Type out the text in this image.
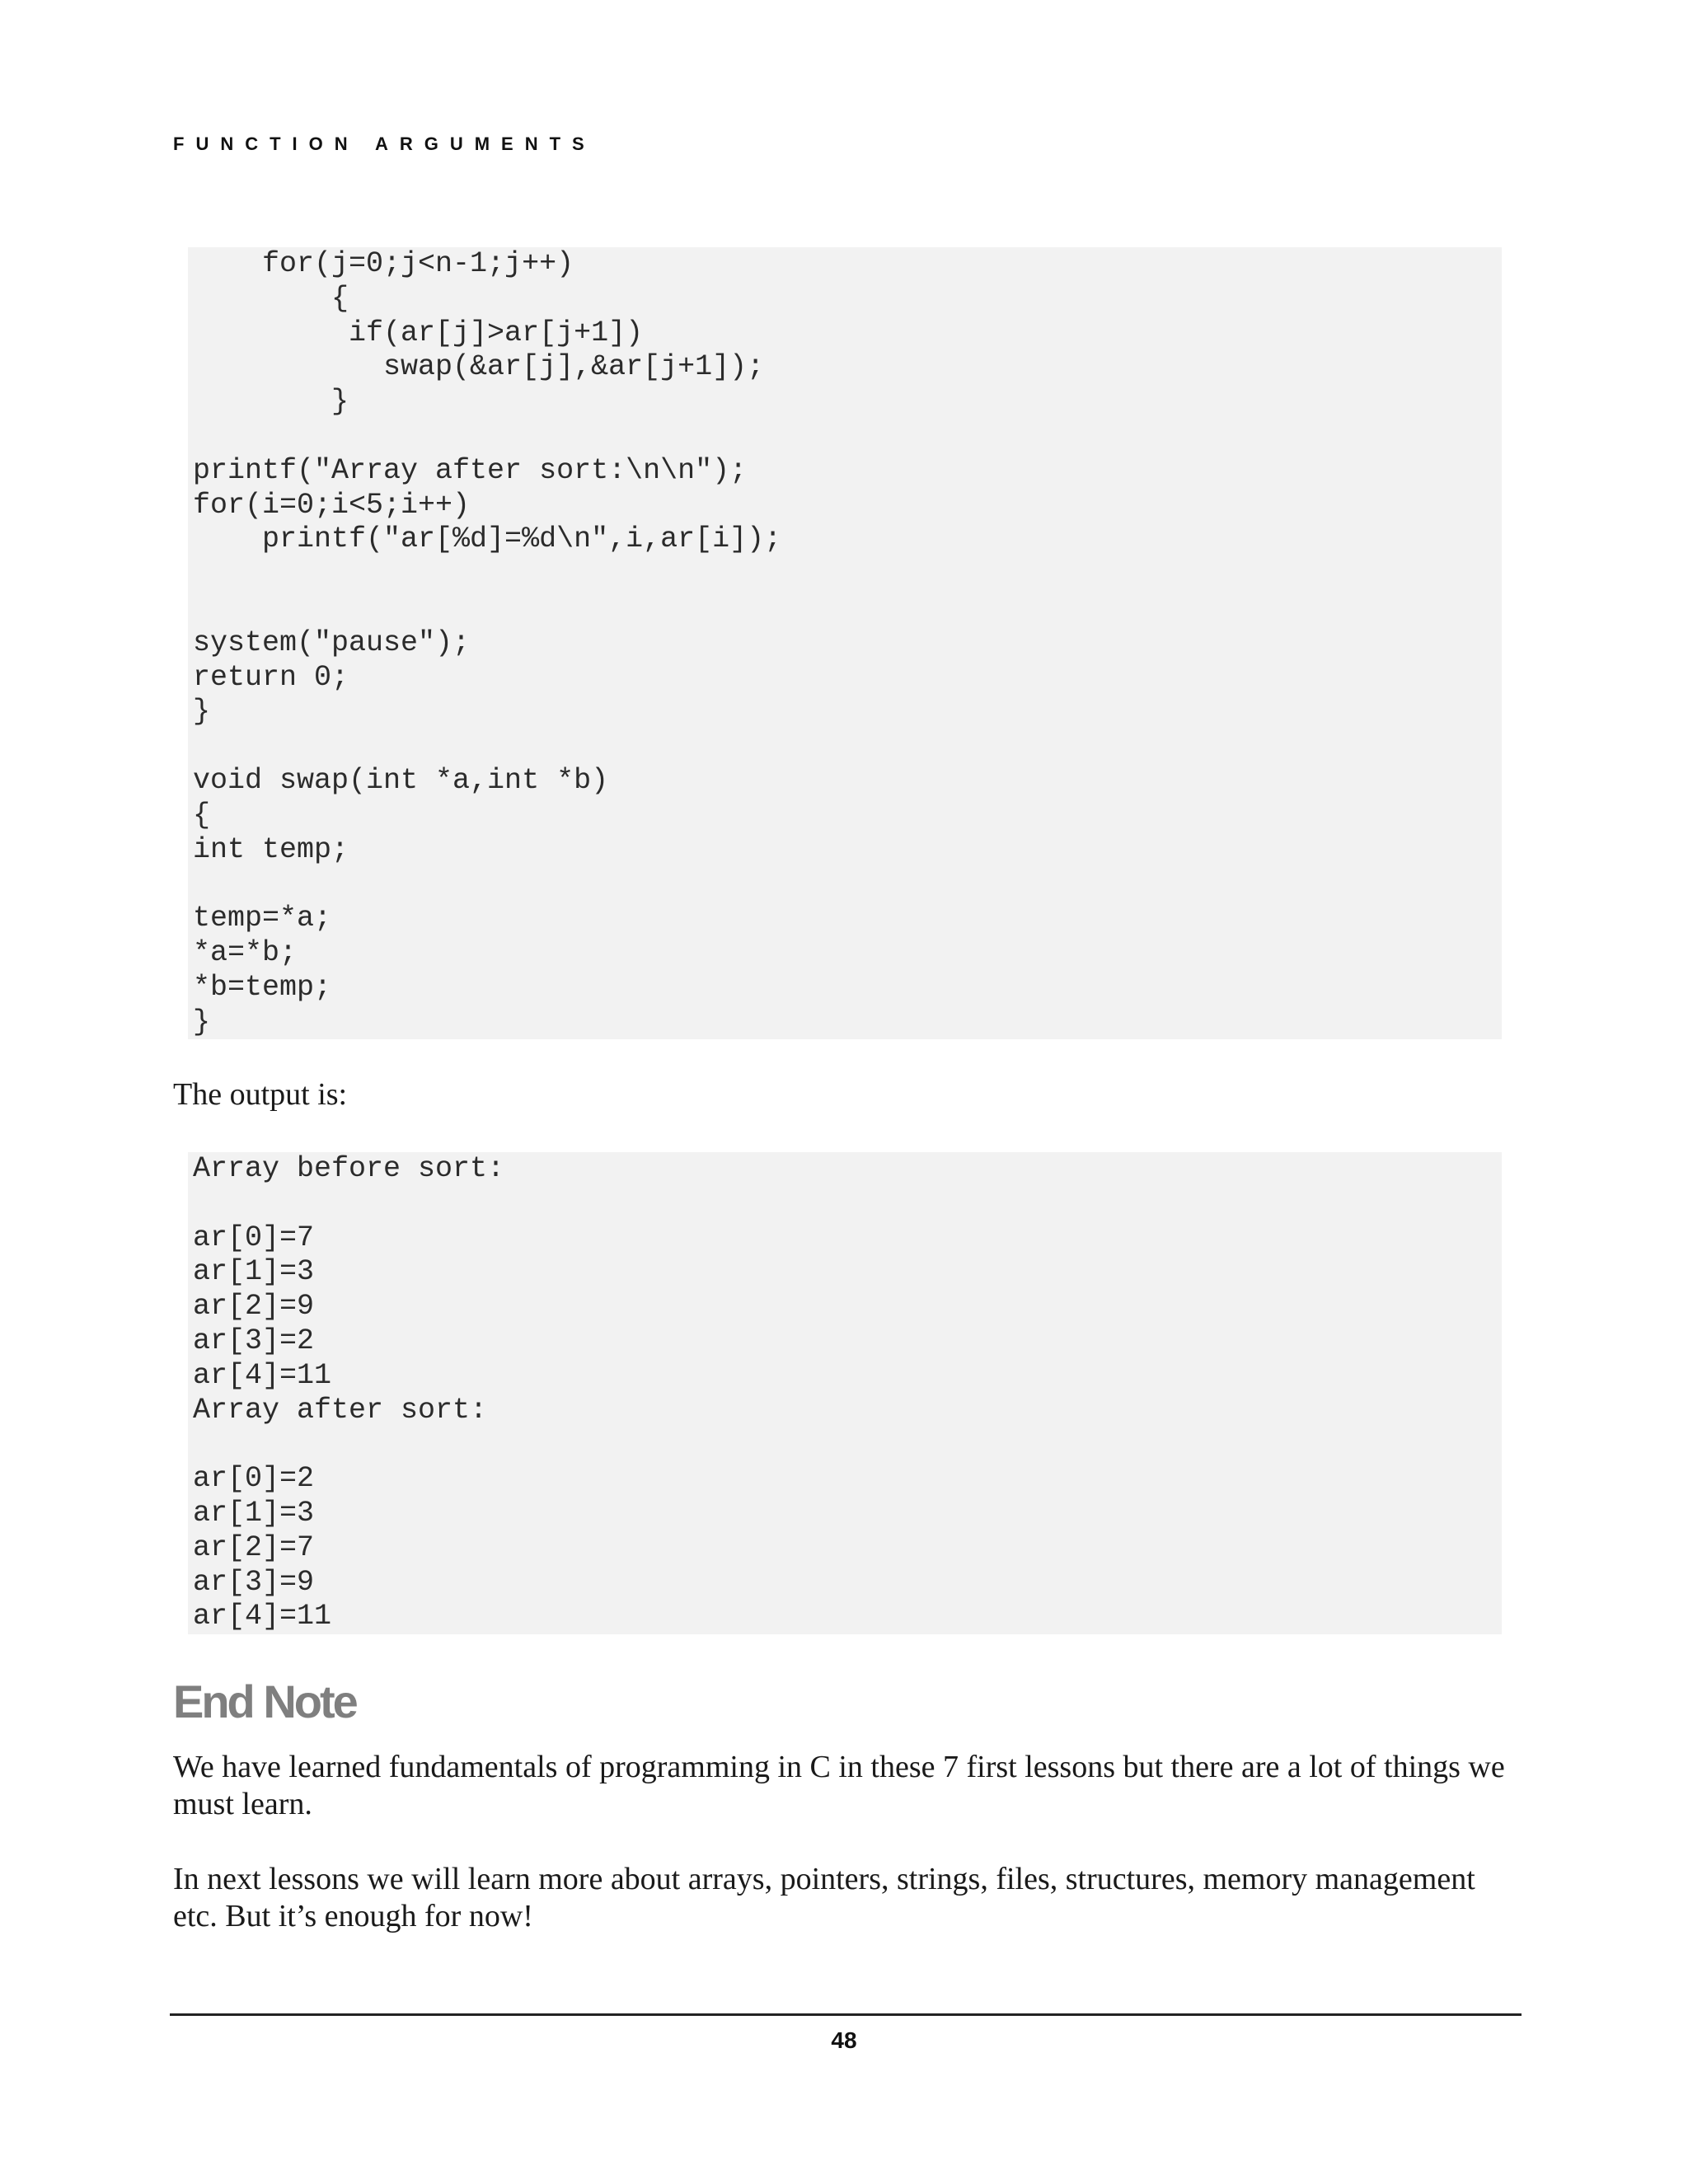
FUNCTION ARGUMENTS
for(j=0;j<n-1;j++)
{
if(ar[j]>ar[j+1])
swap(&ar[j],&ar[j+1]);
}
printf("Array after sort:\n\n");
for(i=0;i<5;i++)
printf("ar[%d]=%d\n",i,ar[i]);
system("pause");
return 0;
}
void swap(int *a,int *b)
{
int temp;
temp=*a;
*a=*b;
*b=temp;
}

The output is:

Array before sort:
ar[0]=7
ar[1]=3
ar[2]=9
ar[3]=2
ar[4]=11
Array after sort:
ar[0]=2
ar[1]=3
ar[2]=7
ar[3]=9
ar[4]=11
End Note

We have learned fundamentals of programming in C in these 7 first lessons but there are a lot of things we must learn.

In next lessons we will learn more about arrays, pointers, strings, files, structures, memory management etc. But it’s enough for now!

48
